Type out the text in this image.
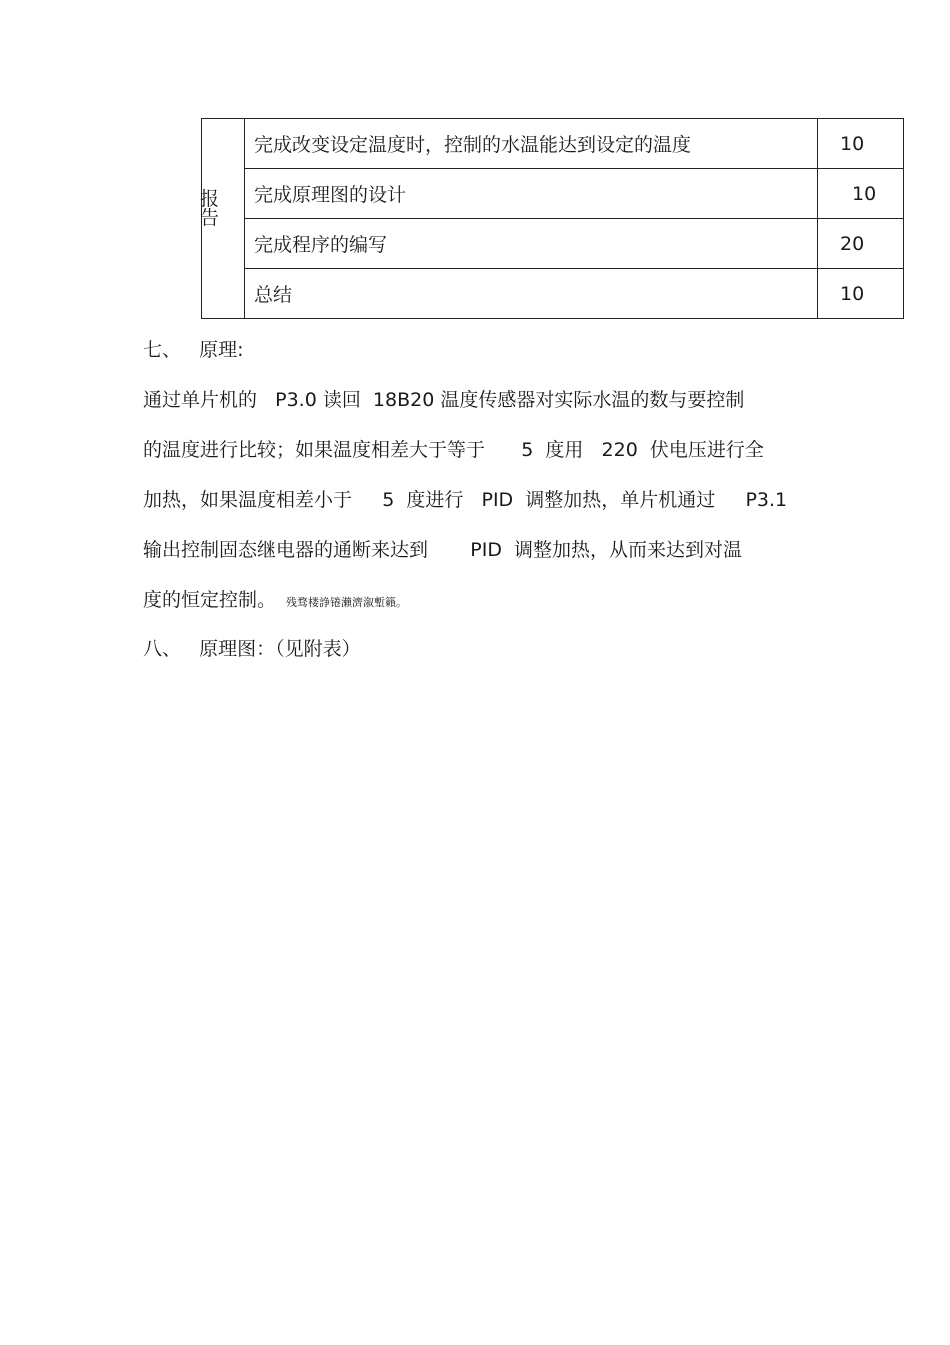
报告	完成改变设定温度时，控制的水温能达到设定的温度	10
	完成原理图的设计	10
	完成程序的编写	20
	总结	10

七、   原理:

通过单片机的   P3.0 读回  18B20 温度传感器对实际水温的数与要控制

的温度进行比较；如果温度相差大于等于      5  度用   220  伏电压进行全

加热，如果温度相差小于     5  度进行   PID  调整加热，单片机通过     P3.1

输出控制固态继电器的通断来达到       PID  调整加热，从而来达到对温

度的恒定控制。 残骛楼諍锩瀨濟溆塹籟。

八、   原理图：（见附表）
